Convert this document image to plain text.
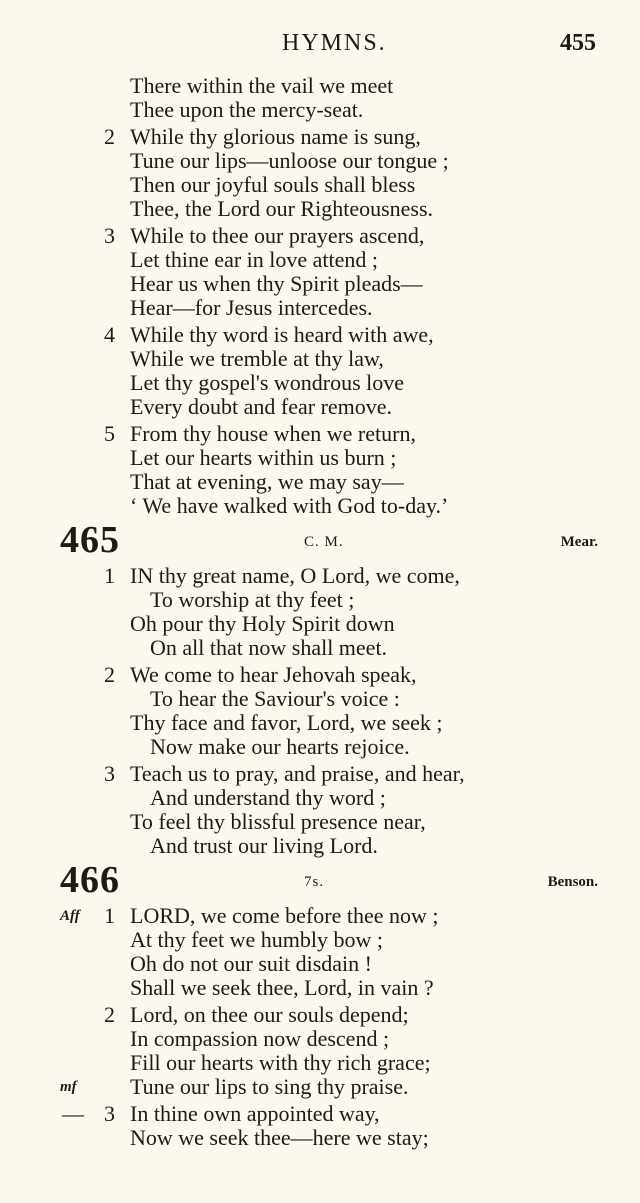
HYMNS.	455
There within the vail we meet
Thee upon the mercy-seat.
2 While thy glorious name is sung,
Tune our lips—unloose our tongue ;
Then our joyful souls shall bless
Thee, the Lord our Righteousness.
3 While to thee our prayers ascend,
Let thine ear in love attend ;
Hear us when thy Spirit pleads—
Hear—for Jesus intercedes.
4 While thy word is heard with awe,
While we tremble at thy law,
Let thy gospel's wondrous love
Every doubt and fear remove.
5 From thy house when we return,
Let our hearts within us burn ;
That at evening, we may say—
‘ We have walked with God to-day.’
465	C. M.	Mear.
1 IN thy great name, O Lord, we come,
To worship at thy feet ;
Oh pour thy Holy Spirit down
On all that now shall meet.
2 We come to hear Jehovah speak,
To hear the Saviour's voice :
Thy face and favor, Lord, we seek ;
Now make our hearts rejoice.
3 Teach us to pray, and praise, and hear,
And understand thy word ;
To feel thy blissful presence near,
And trust our living Lord.
466	7s.	Benson.
Aff 1 LORD, we come before thee now ;
At thy feet we humbly bow ;
Oh do not our suit disdain !
Shall we seek thee, Lord, in vain ?
2 Lord, on thee our souls depend;
In compassion now descend ;
Fill our hearts with thy rich grace;
mf Tune our lips to sing thy praise.
— 3 In thine own appointed way,
Now we seek thee—here we stay;
